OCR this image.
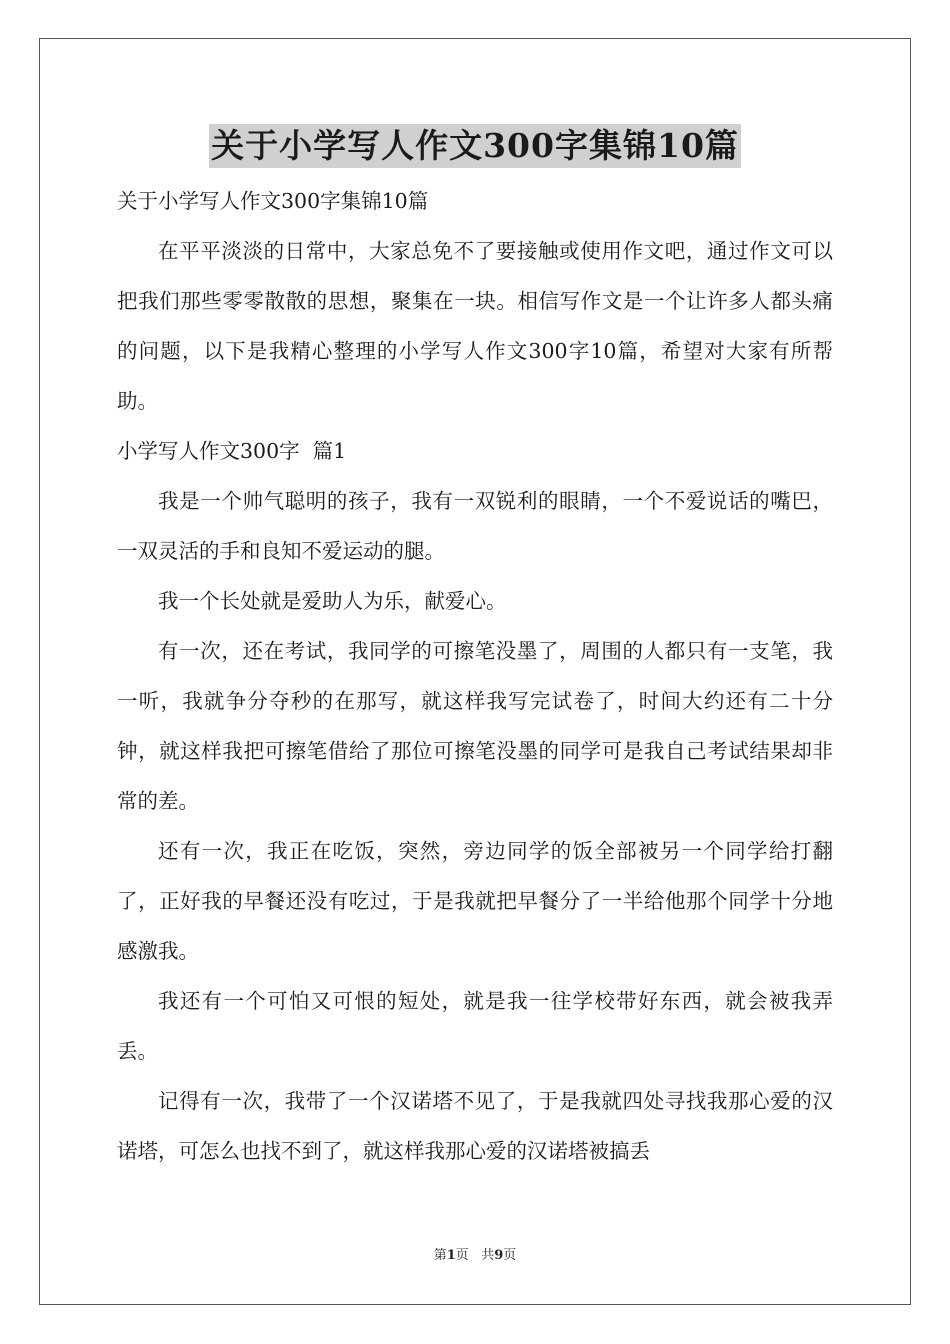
关于小学写人作文300字集锦10篇

关于小学写人作文300字集锦10篇

在平平淡淡的日常中，大家总免不了要接触或使用作文吧，通过作文可以把我们那些零零散散的思想，聚集在一块。相信写作文是一个让许多人都头痛的问题，以下是我精心整理的小学写人作文300字10篇，希望对大家有所帮助。

小学写人作文300字  篇1

我是一个帅气聪明的孩子，我有一双锐利的眼睛，一个不爱说话的嘴巴，一双灵活的手和良知不爱运动的腿。

我一个长处就是爱助人为乐，献爱心。

有一次，还在考试，我同学的可擦笔没墨了，周围的人都只有一支笔，我一听，我就争分夺秒的在那写，就这样我写完试卷了，时间大约还有二十分钟，就这样我把可擦笔借给了那位可擦笔没墨的同学可是我自己考试结果却非常的差。

还有一次，我正在吃饭，突然，旁边同学的饭全部被另一个同学给打翻了，正好我的早餐还没有吃过，于是我就把早餐分了一半给他那个同学十分地感激我。

我还有一个可怕又可恨的短处，就是我一往学校带好东西，就会被我弄丢。

记得有一次，我带了一个汉诺塔不见了，于是我就四处寻找我那心爱的汉诺塔，可怎么也找不到了，就这样我那心爱的汉诺塔被搞丢

第1页   共9页
